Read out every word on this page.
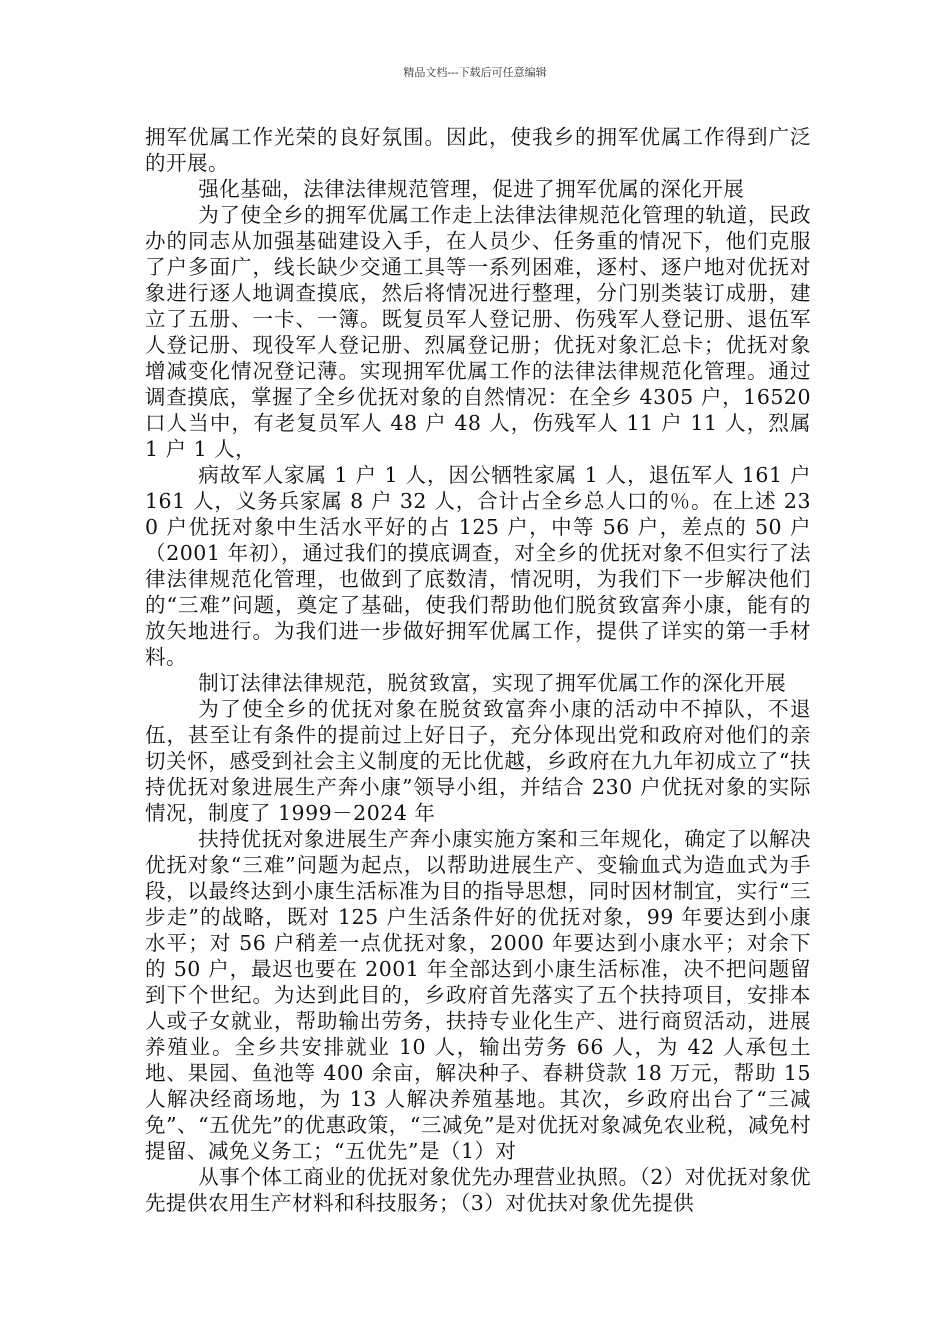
精品文档---下载后可任意编辑

拥军优属工作光荣的良好氛围。因此，使我乡的拥军优属工作得到广泛的开展。

强化基础，法律法律规范管理，促进了拥军优属的深化开展

为了使全乡的拥军优属工作走上法律法律规范化管理的轨道，民政办的同志从加强基础建设入手，在人员少、任务重的情况下，他们克服了户多面广，线长缺少交通工具等一系列困难，逐村、逐户地对优抚对象进行逐人地调查摸底，然后将情况进行整理，分门别类装订成册，建立了五册、一卡、一簿。既复员军人登记册、伤残军人登记册、退伍军人登记册、现役军人登记册、烈属登记册；优抚对象汇总卡；优抚对象增减变化情况登记薄。实现拥军优属工作的法律法律规范化管理。通过调查摸底，掌握了全乡优抚对象的自然情况：在全乡 4305 户，16520 口人当中，有老复员军人 48 户 48 人，伤残军人 11 户 11 人，烈属 1 户 1 人，

病故军人家属 1 户 1 人，因公牺牲家属 1 人，退伍军人 161 户 161 人，义务兵家属 8 户 32 人，合计占全乡总人口的％。在上述 230 户优抚对象中生活水平好的占 125 户，中等 56 户，差点的 50 户（2001 年初），通过我们的摸底调查，对全乡的优抚对象不但实行了法律法律规范化管理，也做到了底数清，情况明，为我们下一步解决他们的“三难”问题，奠定了基础，使我们帮助他们脱贫致富奔小康，能有的放矢地进行。为我们进一步做好拥军优属工作，提供了详实的第一手材料。

制订法律法律规范，脱贫致富，实现了拥军优属工作的深化开展

为了使全乡的优抚对象在脱贫致富奔小康的活动中不掉队，不退伍，甚至让有条件的提前过上好日子，充分体现出党和政府对他们的亲切关怀，感受到社会主义制度的无比优越，乡政府在九九年初成立了“扶持优抚对象进展生产奔小康”领导小组，并结合 230 户优抚对象的实际情况，制度了 1999－2024 年

扶持优抚对象进展生产奔小康实施方案和三年规化，确定了以解决优抚对象“三难”问题为起点，以帮助进展生产、变输血式为造血式为手段，以最终达到小康生活标准为目的指导思想，同时因材制宜，实行“三步走”的战略，既对 125 户生活条件好的优抚对象，99 年要达到小康水平；对 56 户稍差一点优抚对象，2000 年要达到小康水平；对余下的 50 户，最迟也要在 2001 年全部达到小康生活标准，决不把问题留到下个世纪。为达到此目的，乡政府首先落实了五个扶持项目，安排本人或子女就业，帮助输出劳务，扶持专业化生产、进行商贸活动，进展养殖业。全乡共安排就业 10 人，输出劳务 66 人，为 42 人承包土地、果园、鱼池等 400 余亩，解决种子、春耕贷款 18 万元，帮助 15 人解决经商场地，为 13 人解决养殖基地。其次，乡政府出台了“三减免”、“五优先”的优惠政策，“三减免”是对优抚对象减免农业税，减免村提留、减免义务工；“五优先”是（1）对

从事个体工商业的优抚对象优先办理营业执照。（2）对优抚对象优先提供农用生产材料和科技服务；（3）对优扶对象优先提供
